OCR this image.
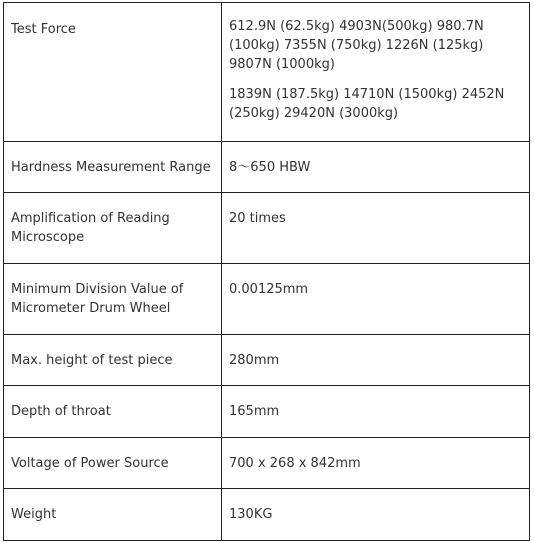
Test Force	612.9N (62.5kg) 4903N(500kg) 980.7N (100kg) 7355N (750kg) 1226N (125kg) 9807N (1000kg)
1839N (187.5kg) 14710N (1500kg) 2452N (250kg) 29420N (3000kg)

Hardness Measurement Range	8～650 HBW

Amplification of Reading Microscope	20 times

Minimum Division Value of Micrometer Drum Wheel	0.00125mm

Max. height of test piece	280mm

Depth of throat	165mm

Voltage of Power Source	700 x 268 x 842mm

Weight	130KG
